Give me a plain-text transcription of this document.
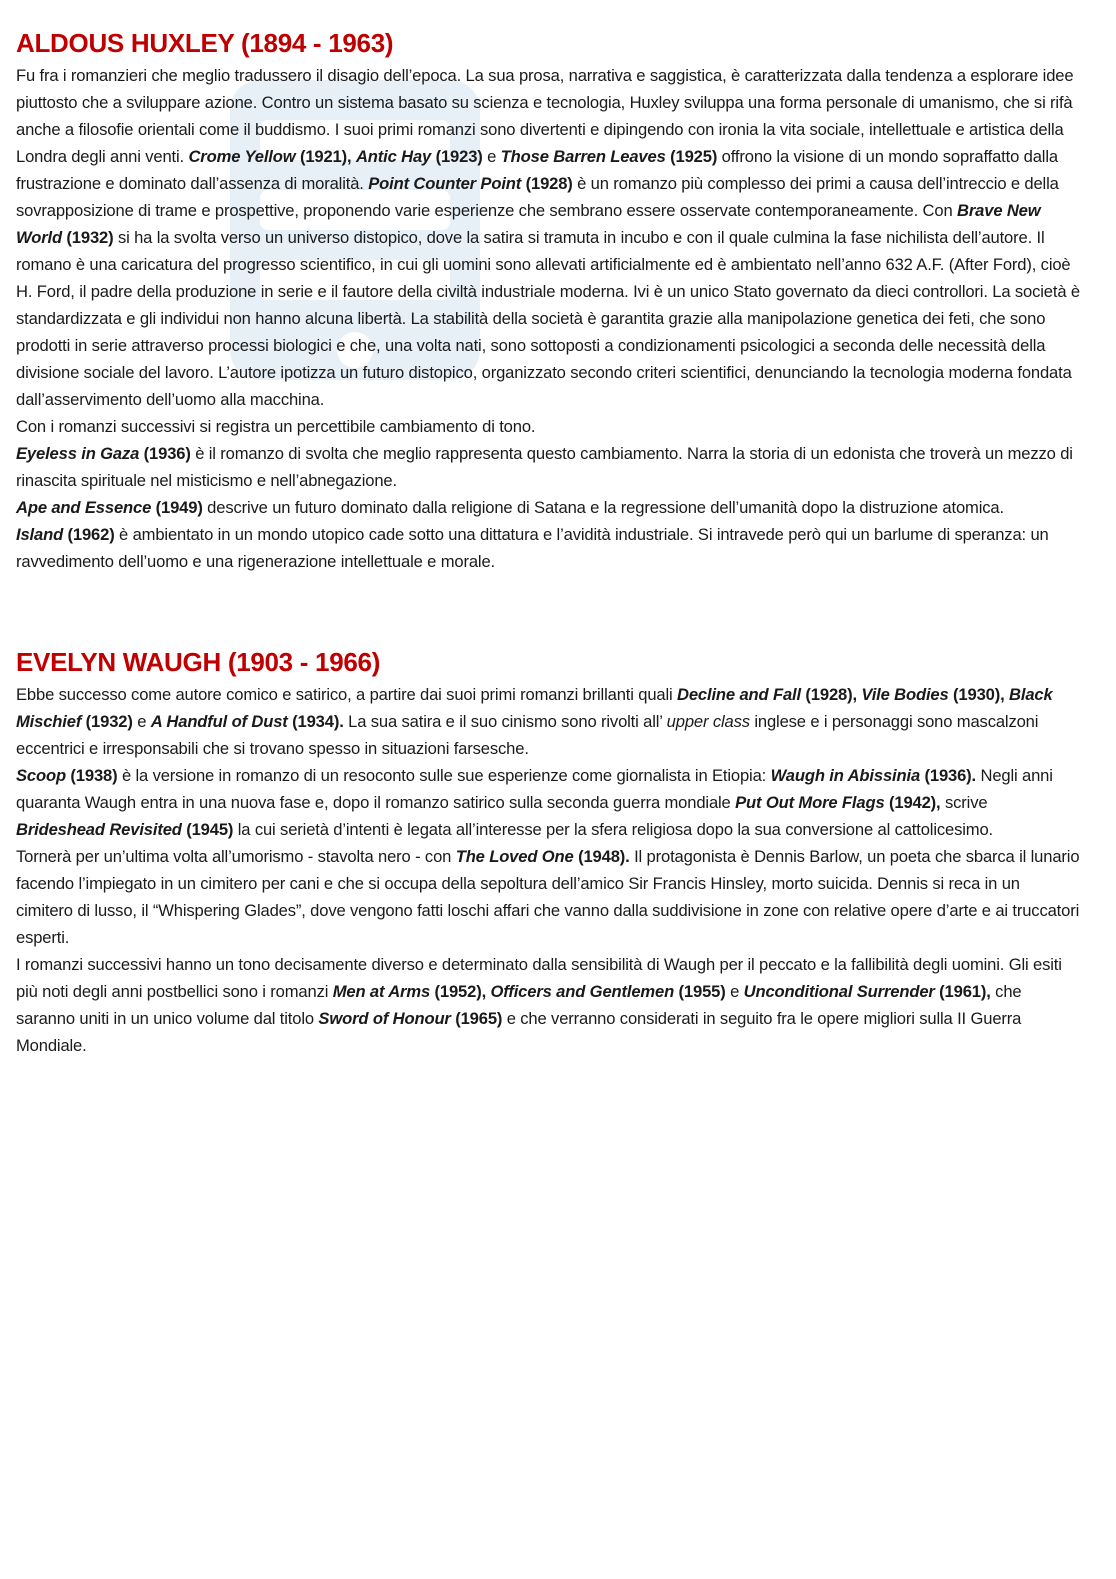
ALDOUS HUXLEY (1894 - 1963)

Fu fra i romanzieri che meglio tradussero il disagio dell’epoca. La sua prosa, narrativa e saggistica, è caratterizzata dalla tendenza a esplorare idee piuttosto che a sviluppare azione. Contro un sistema basato su scienza e tecnologia, Huxley sviluppa una forma personale di umanismo, che si rifà anche a filosofie orientali come il buddismo. I suoi primi romanzi sono divertenti e dipingendo con ironia la vita sociale, intellettuale e artistica della Londra degli anni venti. Crome Yellow (1921), Antic Hay (1923) e Those Barren Leaves (1925) offrono la visione di un mondo sopraffatto dalla frustrazione e dominato dall’assenza di moralità. Point Counter Point (1928) è un romanzo più complesso dei primi a causa dell’intreccio e della sovrapposizione di trame e prospettive, proponendo varie esperienze che sembrano essere osservate contemporaneamente. Con Brave New World (1932) si ha la svolta verso un universo distopico, dove la satira si tramuta in incubo e con il quale culmina la fase nichilista dell’autore. Il romano è una caricatura del progresso scientifico, in cui gli uomini sono allevati artificialmente ed è ambientato nell’anno 632 A.F. (After Ford), cioè H. Ford, il padre della produzione in serie e il fautore della civiltà industriale moderna. Ivi è un unico Stato governato da dieci controllori. La società è standardizzata e gli individui non hanno alcuna libertà. La stabilità della società è garantita grazie alla manipolazione genetica dei feti, che sono prodotti in serie attraverso processi biologici e che, una volta nati, sono sottoposti a condizionamenti psicologici a seconda delle necessità della divisione sociale del lavoro. L’autore ipotizza un futuro distopico, organizzato secondo criteri scientifici, denunciando la tecnologia moderna fondata dall’asservimento dell’uomo alla macchina.

Con i romanzi successivi si registra un percettibile cambiamento di tono.

Eyeless in Gaza (1936) è il romanzo di svolta che meglio rappresenta questo cambiamento. Narra la storia di un edonista che troverà un mezzo di rinascita spirituale nel misticismo e nell’abnegazione.

Ape and Essence (1949) descrive un futuro dominato dalla religione di Satana e la regressione dell’umanità dopo la distruzione atomica.

Island (1962) è ambientato in un mondo utopico cade sotto una dittatura e l’avidità industriale. Si intravede però qui un barlume di speranza: un ravvedimento dell’uomo e una rigenerazione intellettuale e morale.

EVELYN WAUGH (1903 - 1966)

Ebbe successo come autore comico e satirico, a partire dai suoi primi romanzi brillanti quali Decline and Fall (1928), Vile Bodies (1930), Black Mischief (1932) e A Handful of Dust (1934). La sua satira e il suo cinismo sono rivolti all’ upper class inglese e i personaggi sono mascalzoni eccentrici e irresponsabili che si trovano spesso in situazioni farsesche.

Scoop (1938) è la versione in romanzo di un resoconto sulle sue esperienze come giornalista in Etiopia: Waugh in Abissinia (1936). Negli anni quaranta Waugh entra in una nuova fase e, dopo il romanzo satirico sulla seconda guerra mondiale Put Out More Flags (1942), scrive Brideshead Revisited (1945) la cui serietà d’intenti è legata all’interesse per la sfera religiosa dopo la sua conversione al cattolicesimo.

Tornerà per un’ultima volta all’umorismo - stavolta nero - con The Loved One (1948). Il protagonista è Dennis Barlow, un poeta che sbarca il lunario facendo l’impiegato in un cimitero per cani e che si occupa della sepoltura dell’amico Sir Francis Hinsley, morto suicida. Dennis si reca in un cimitero di lusso, il “Whispering Glades”, dove vengono fatti loschi affari che vanno dalla suddivisione in zone con relative opere d’arte e ai truccatori esperti.

I romanzi successivi hanno un tono decisamente diverso e determinato dalla sensibilità di Waugh per il peccato e la fallibilità degli uomini. Gli esiti più noti degli anni postbellici sono i romanzi Men at Arms (1952), Officers and Gentlemen (1955) e Unconditional Surrender (1961), che saranno uniti in un unico volume dal titolo Sword of Honour (1965) e che verranno considerati in seguito fra le opere migliori sulla II Guerra Mondiale.
